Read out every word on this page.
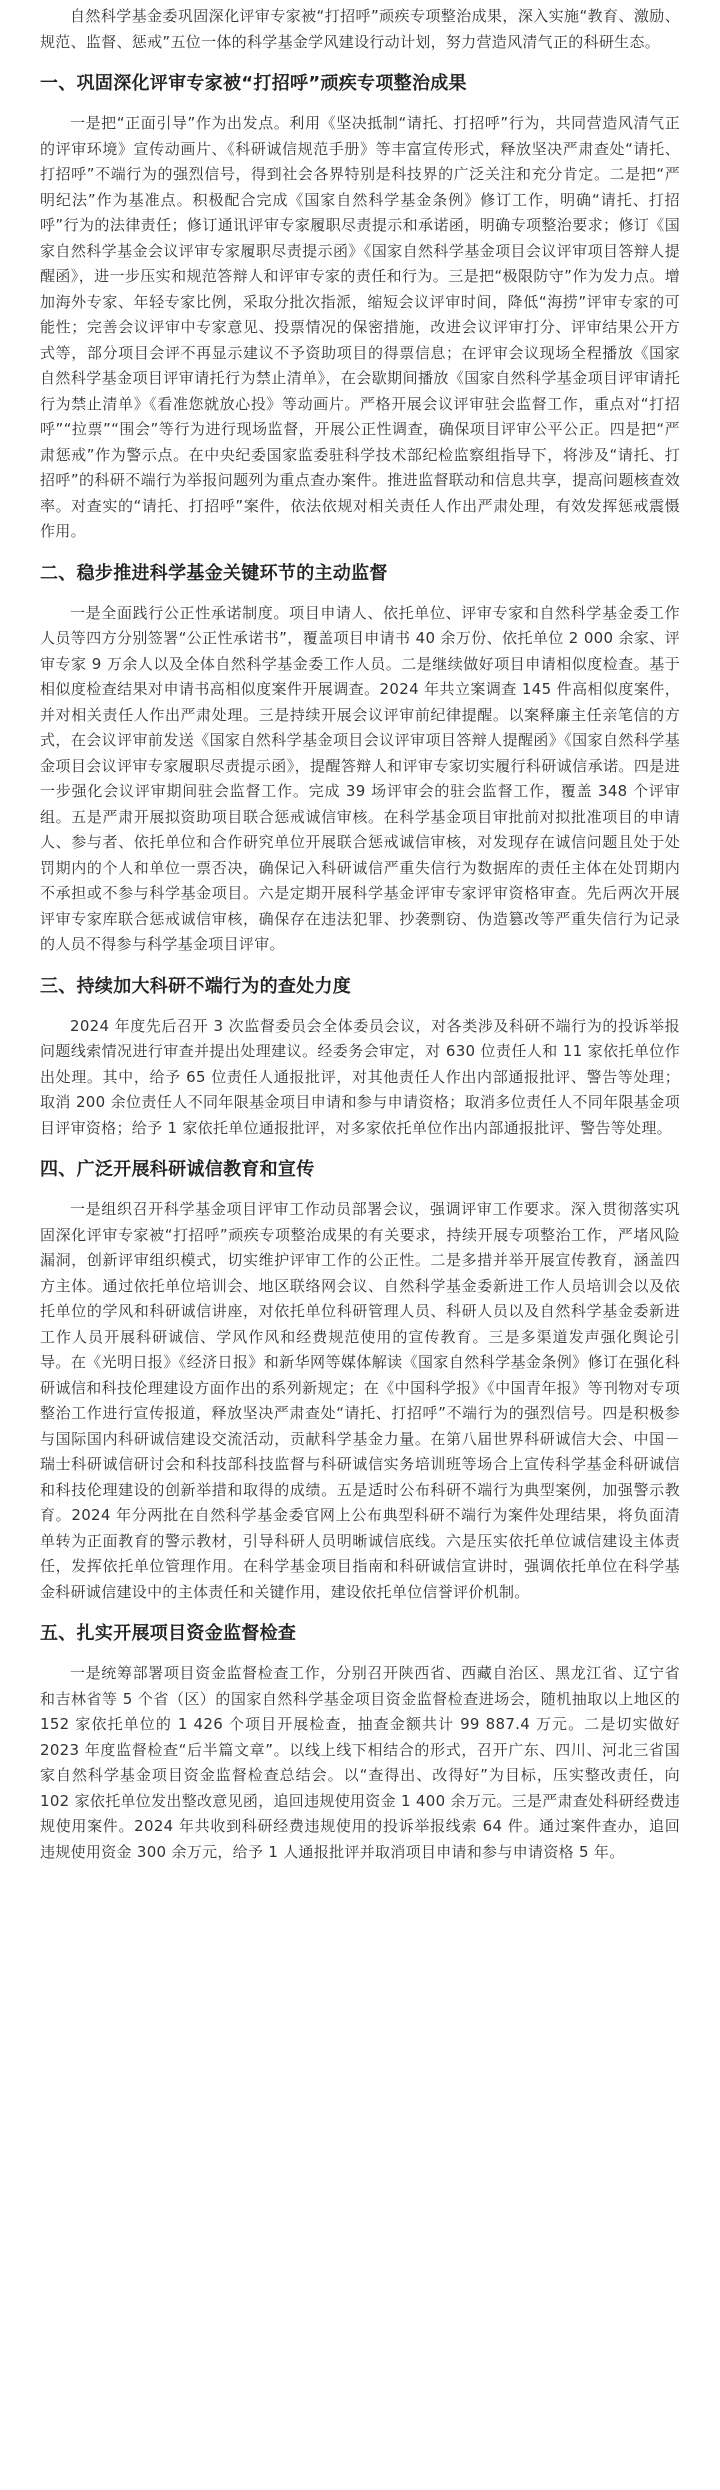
自然科学基金委巩固深化评审专家被“打招呼”顽疾专项整治成果，深入实施“教育、激励、规范、监督、惩戒”五位一体的科学基金学风建设行动计划，努力营造风清气正的科研生态。

一、巩固深化评审专家被“打招呼”顽疾专项整治成果

一是把“正面引导”作为出发点。利用《坚决抵制“请托、打招呼”行为，共同营造风清气正的评审环境》宣传动画片、《科研诚信规范手册》等丰富宣传形式，释放坚决严肃查处“请托、打招呼”不端行为的强烈信号，得到社会各界特别是科技界的广泛关注和充分肯定。二是把“严明纪法”作为基准点。积极配合完成《国家自然科学基金条例》修订工作，明确“请托、打招呼”行为的法律责任；修订通讯评审专家履职尽责提示和承诺函，明确专项整治要求；修订《国家自然科学基金会议评审专家履职尽责提示函》《国家自然科学基金项目会议评审项目答辩人提醒函》，进一步压实和规范答辩人和评审专家的责任和行为。三是把“极限防守”作为发力点。增加海外专家、年轻专家比例，采取分批次指派，缩短会议评审时间，降低“海捞”评审专家的可能性；完善会议评审中专家意见、投票情况的保密措施，改进会议评审打分、评审结果公开方式等，部分项目会评不再显示建议不予资助项目的得票信息；在评审会议现场全程播放《国家自然科学基金项目评审请托行为禁止清单》，在会歇期间播放《国家自然科学基金项目评审请托行为禁止清单》《看准您就放心投》等动画片。严格开展会议评审驻会监督工作，重点对“打招呼”“拉票”“围会”等行为进行现场监督，开展公正性调查，确保项目评审公平公正。四是把“严肃惩戒”作为警示点。在中央纪委国家监委驻科学技术部纪检监察组指导下，将涉及“请托、打招呼”的科研不端行为举报问题列为重点查办案件。推进监督联动和信息共享，提高问题核查效率。对查实的“请托、打招呼”案件，依法依规对相关责任人作出严肃处理，有效发挥惩戒震慑作用。

二、稳步推进科学基金关键环节的主动监督

一是全面践行公正性承诺制度。项目申请人、依托单位、评审专家和自然科学基金委工作人员等四方分别签署“公正性承诺书”，覆盖项目申请书 40 余万份、依托单位 2 000 余家、评审专家 9 万余人以及全体自然科学基金委工作人员。二是继续做好项目申请相似度检查。基于相似度检查结果对申请书高相似度案件开展调查。2024 年共立案调查 145 件高相似度案件，并对相关责任人作出严肃处理。三是持续开展会议评审前纪律提醒。以案释廉主任亲笔信的方式，在会议评审前发送《国家自然科学基金项目会议评审项目答辩人提醒函》《国家自然科学基金项目会议评审专家履职尽责提示函》，提醒答辩人和评审专家切实履行科研诚信承诺。四是进一步强化会议评审期间驻会监督工作。完成 39 场评审会的驻会监督工作，覆盖 348 个评审组。五是严肃开展拟资助项目联合惩戒诚信审核。在科学基金项目审批前对拟批准项目的申请人、参与者、依托单位和合作研究单位开展联合惩戒诚信审核，对发现存在诚信问题且处于处罚期内的个人和单位一票否决，确保记入科研诚信严重失信行为数据库的责任主体在处罚期内不承担或不参与科学基金项目。六是定期开展科学基金评审专家评审资格审查。先后两次开展评审专家库联合惩戒诚信审核，确保存在违法犯罪、抄袭剽窃、伪造篡改等严重失信行为记录的人员不得参与科学基金项目评审。

三、持续加大科研不端行为的查处力度

2024 年度先后召开 3 次监督委员会全体委员会议，对各类涉及科研不端行为的投诉举报问题线索情况进行审查并提出处理建议。经委务会审定，对 630 位责任人和 11 家依托单位作出处理。其中，给予 65 位责任人通报批评，对其他责任人作出内部通报批评、警告等处理；取消 200 余位责任人不同年限基金项目申请和参与申请资格；取消多位责任人不同年限基金项目评审资格；给予 1 家依托单位通报批评，对多家依托单位作出内部通报批评、警告等处理。

四、广泛开展科研诚信教育和宣传

一是组织召开科学基金项目评审工作动员部署会议，强调评审工作要求。深入贯彻落实巩固深化评审专家被“打招呼”顽疾专项整治成果的有关要求，持续开展专项整治工作，严堵风险漏洞，创新评审组织模式，切实维护评审工作的公正性。二是多措并举开展宣传教育，涵盖四方主体。通过依托单位培训会、地区联络网会议、自然科学基金委新进工作人员培训会以及依托单位的学风和科研诚信讲座，对依托单位科研管理人员、科研人员以及自然科学基金委新进工作人员开展科研诚信、学风作风和经费规范使用的宣传教育。三是多渠道发声强化舆论引导。在《光明日报》《经济日报》和新华网等媒体解读《国家自然科学基金条例》修订在强化科研诚信和科技伦理建设方面作出的系列新规定；在《中国科学报》《中国青年报》等刊物对专项整治工作进行宣传报道，释放坚决严肃查处“请托、打招呼”不端行为的强烈信号。四是积极参与国际国内科研诚信建设交流活动，贡献科学基金力量。在第八届世界科研诚信大会、中国－瑞士科研诚信研讨会和科技部科技监督与科研诚信实务培训班等场合上宣传科学基金科研诚信和科技伦理建设的创新举措和取得的成绩。五是适时公布科研不端行为典型案例，加强警示教育。2024 年分两批在自然科学基金委官网上公布典型科研不端行为案件处理结果，将负面清单转为正面教育的警示教材，引导科研人员明晰诚信底线。六是压实依托单位诚信建设主体责任，发挥依托单位管理作用。在科学基金项目指南和科研诚信宣讲时，强调依托单位在科学基金科研诚信建设中的主体责任和关键作用，建设依托单位信誉评价机制。

五、扎实开展项目资金监督检查

一是统筹部署项目资金监督检查工作，分别召开陕西省、西藏自治区、黑龙江省、辽宁省和吉林省等 5 个省（区）的国家自然科学基金项目资金监督检查进场会，随机抽取以上地区的 152 家依托单位的 1 426 个项目开展检查，抽查金额共计 99 887.4 万元。二是切实做好 2023 年度监督检查“后半篇文章”。以线上线下相结合的形式，召开广东、四川、河北三省国家自然科学基金项目资金监督检查总结会。以“查得出、改得好”为目标，压实整改责任，向 102 家依托单位发出整改意见函，追回违规使用资金 1 400 余万元。三是严肃查处科研经费违规使用案件。2024 年共收到科研经费违规使用的投诉举报线索 64 件。通过案件查办，追回违规使用资金 300 余万元，给予 1 人通报批评并取消项目申请和参与申请资格 5 年。
